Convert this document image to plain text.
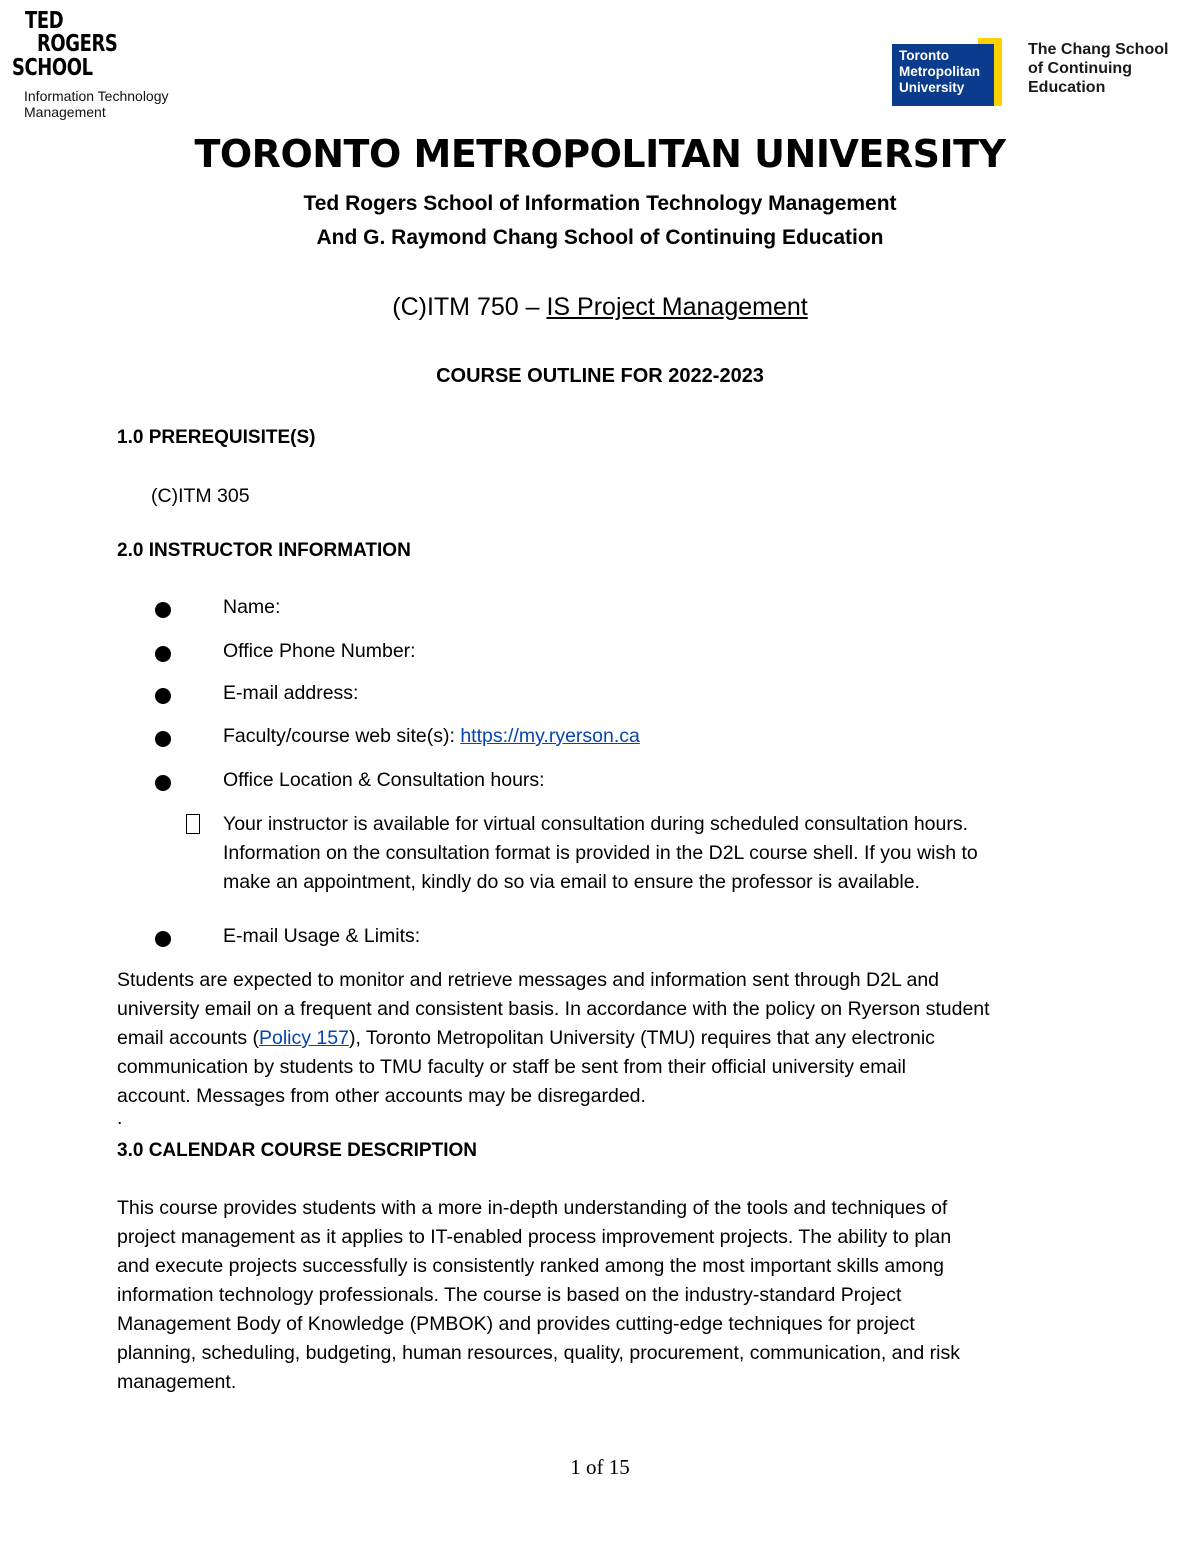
TED
ROGERS
SCHOOL
Information Technology
Management
Toronto
Metropolitan
University
The Chang School
of Continuing
Education
TORONTO METROPOLITAN UNIVERSITY
Ted Rogers School of Information Technology Management
And G. Raymond Chang School of Continuing Education
(C)ITM 750 – IS Project Management
COURSE OUTLINE FOR 2022-2023
1.0 PREREQUISITE(S)
(C)ITM 305
2.0 INSTRUCTOR INFORMATION
Name:
Office Phone Number:
E-mail address:
Faculty/course web site(s): https://my.ryerson.ca
Office Location & Consultation hours:
Your instructor is available for virtual consultation during scheduled consultation hours.
Information on the consultation format is provided in the D2L course shell. If you wish to
make an appointment, kindly do so via email to ensure the professor is available.
E-mail Usage & Limits:
Students are expected to monitor and retrieve messages and information sent through D2L and
university email on a frequent and consistent basis. In accordance with the policy on Ryerson student
email accounts (Policy 157), Toronto Metropolitan University (TMU) requires that any electronic
communication by students to TMU faculty or staff be sent from their official university email
account. Messages from other accounts may be disregarded.
.
3.0 CALENDAR COURSE DESCRIPTION
This course provides students with a more in-depth understanding of the tools and techniques of
project management as it applies to IT-enabled process improvement projects. The ability to plan
and execute projects successfully is consistently ranked among the most important skills among
information technology professionals. The course is based on the industry-standard Project
Management Body of Knowledge (PMBOK) and provides cutting-edge techniques for project
planning, scheduling, budgeting, human resources, quality, procurement, communication, and risk
management.
1 of 15
